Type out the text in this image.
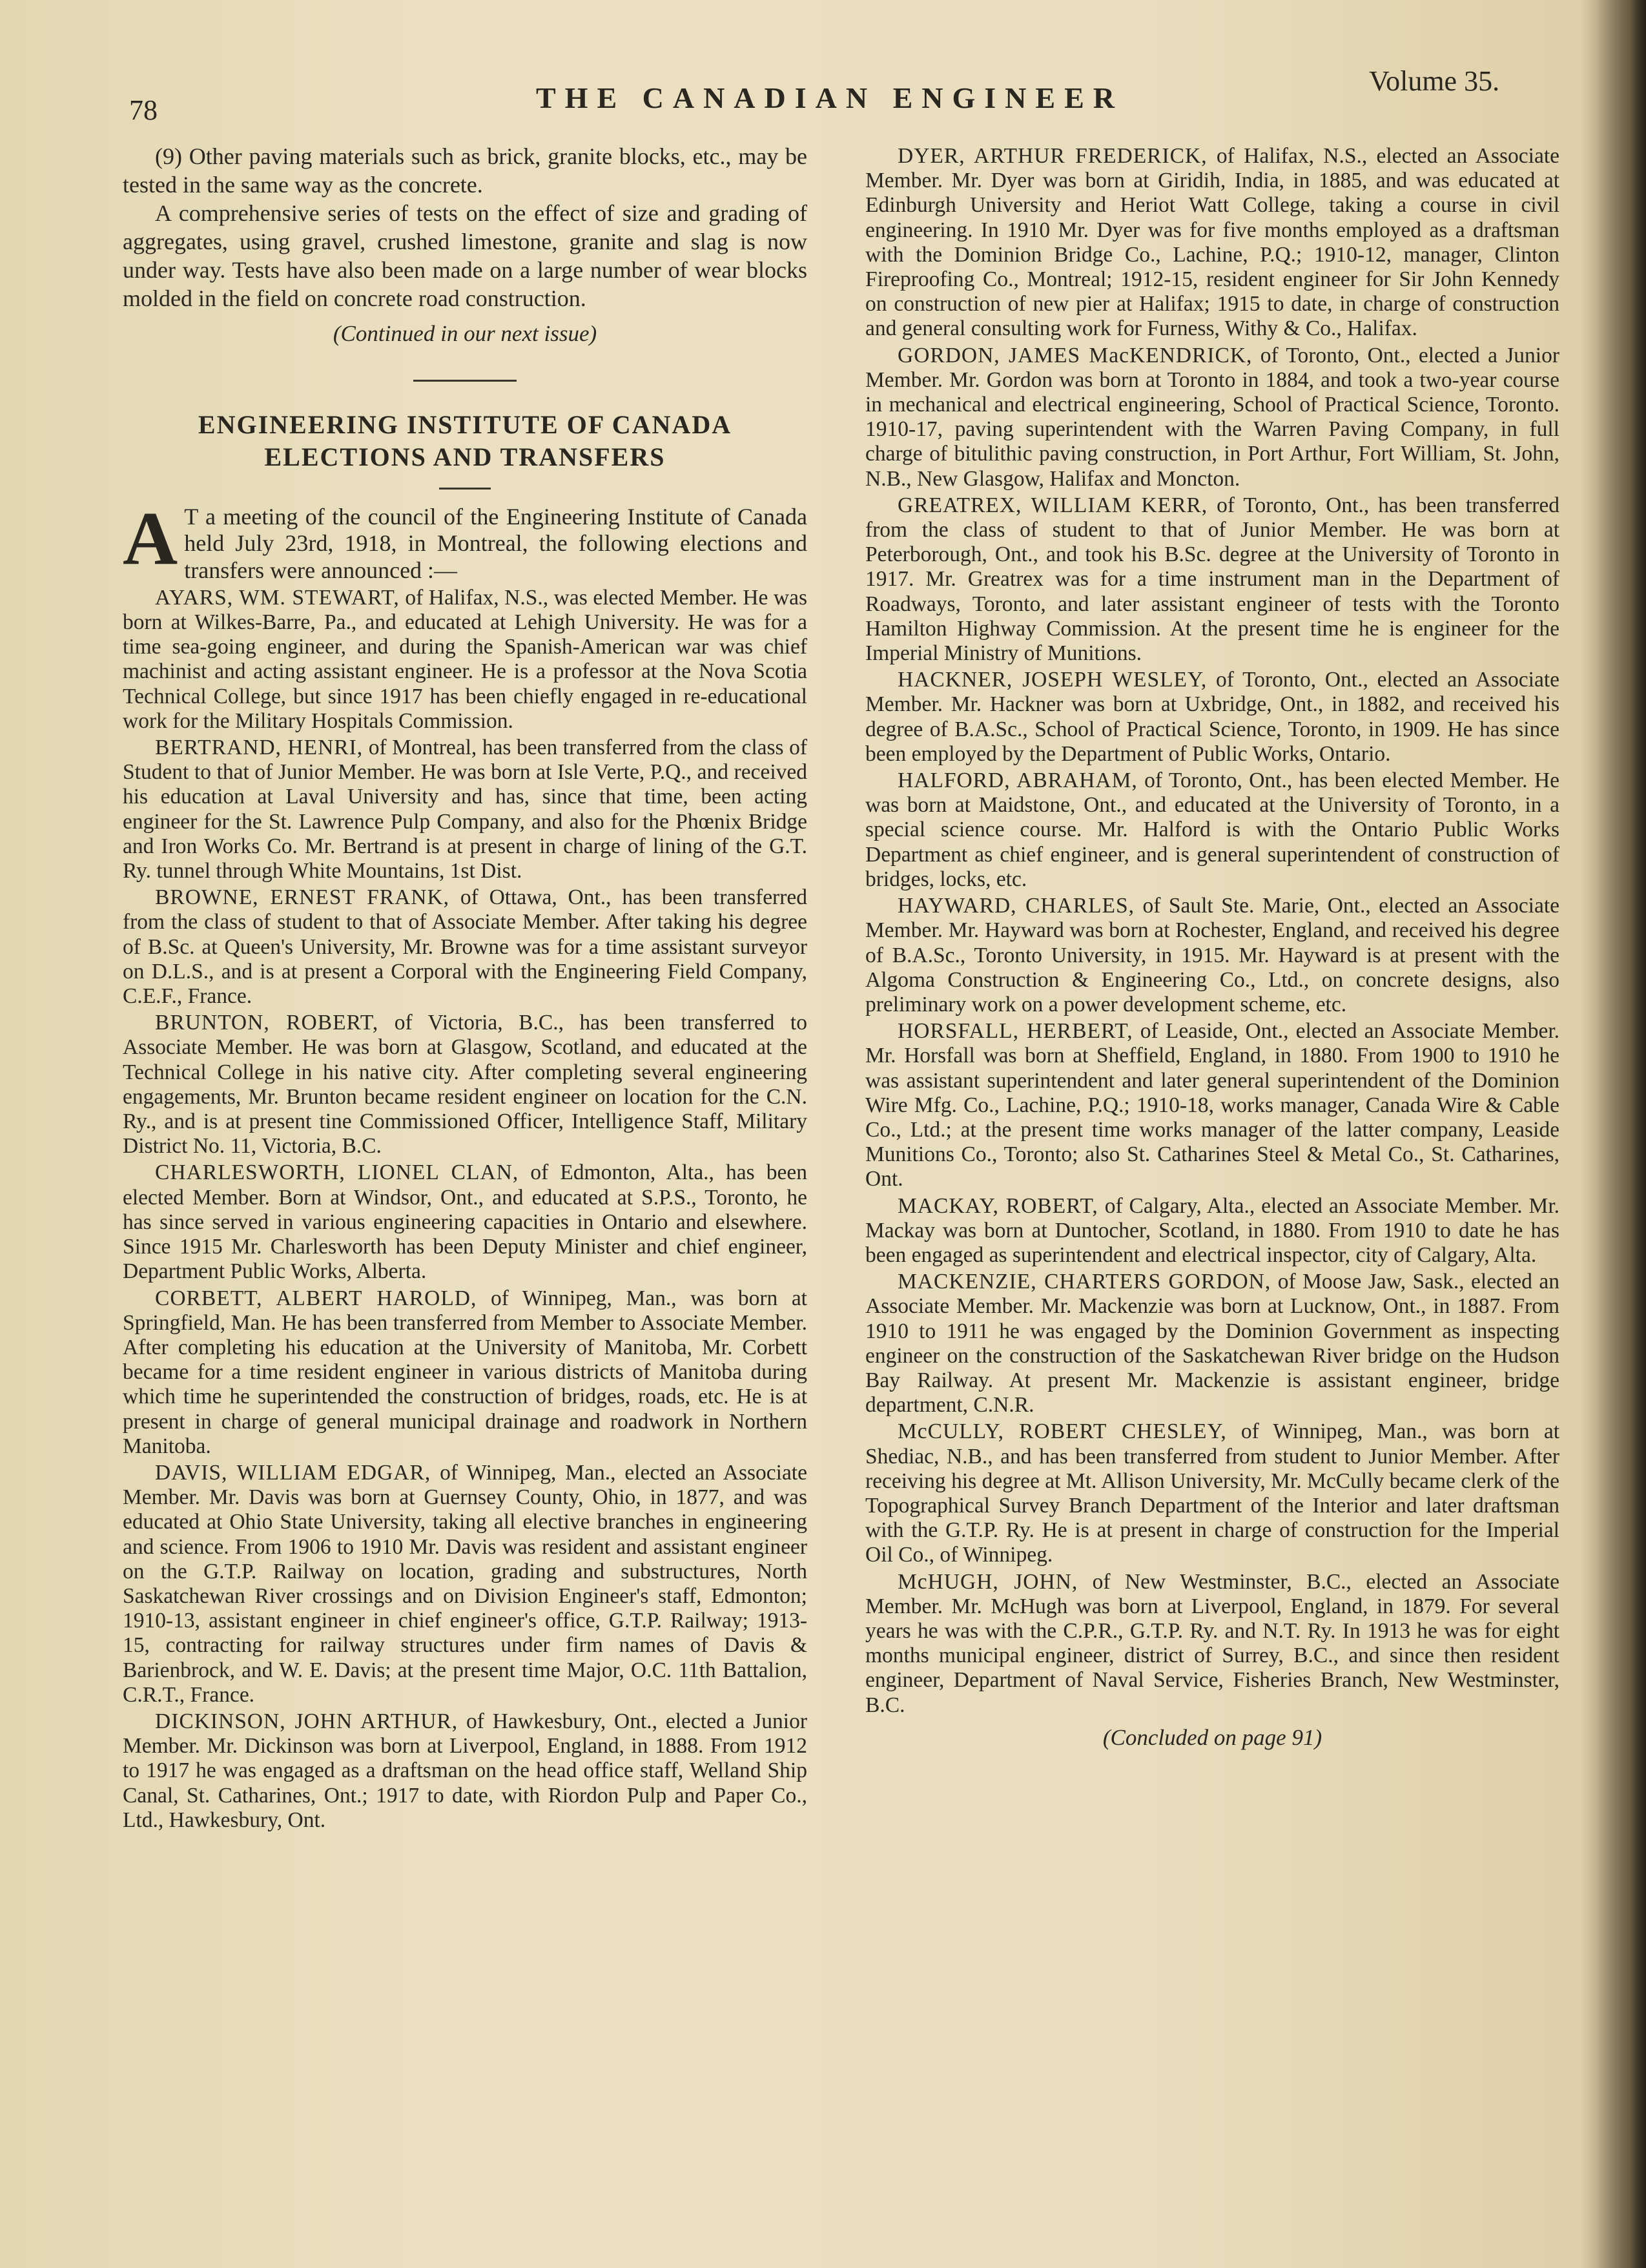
78	THE CANADIAN ENGINEER
Volume 35.

(9) Other paving materials such as brick, granite blocks, etc., may be tested in the same way as the concrete.

A comprehensive series of tests on the effect of size and grading of aggregates, using gravel, crushed limestone, granite and slag is now under way. Tests have also been made on a large number of wear blocks molded in the field on concrete road construction.

(Continued in our next issue)

ENGINEERING INSTITUTE OF CANADA

ELECTIONS AND TRANSFERS

A T a meeting of the council of the Engineering Institute of Canada held July 23rd, 1918, in Montreal, the following elections and transfers were announced :—

AYARS, WM. STEWART, of Halifax, N.S., was elected Member. He was born at Wilkes-Barre, Pa., and educated at Lehigh University. He was for a time sea-going engineer, and during the Spanish-American war was chief machinist and acting assistant engineer. He is a professor at the Nova Scotia Technical College, but since 1917 has been chiefly engaged in re-educational work for the Military Hospitals Commission.

BERTRAND, HENRI, of Montreal, has been transferred from the class of Student to that of Junior Member. He was born at Isle Verte, P.Q., and received his education at Laval University and has, since that time, been acting engineer for the St. Lawrence Pulp Company, and also for the Phœnix Bridge and Iron Works Co. Mr. Bertrand is at present in charge of lining of the G.T. Ry. tunnel through White Mountains, 1st Dist.

BROWNE, ERNEST FRANK, of Ottawa, Ont., has been transferred from the class of student to that of Associate Member. After taking his degree of B.Sc. at Queen's University, Mr. Browne was for a time assistant surveyor on D.L.S., and is at present a Corporal with the Engineering Field Company, C.E.F., France.

BRUNTON, ROBERT, of Victoria, B.C., has been transferred to Associate Member. He was born at Glasgow, Scotland, and educated at the Technical College in his native city. After completing several engineering engagements, Mr. Brunton became resident engineer on location for the C.N. Ry., and is at present tine Commissioned Officer, Intelligence Staff, Military District No. 11, Victoria, B.C.

CHARLESWORTH, LIONEL CLAN, of Edmonton, Alta., has been elected Member. Born at Windsor, Ont., and educated at S.P.S., Toronto, he has since served in various engineering capacities in Ontario and elsewhere. Since 1915 Mr. Charlesworth has been Deputy Minister and chief engineer, Department Public Works, Alberta.

CORBETT, ALBERT HAROLD, of Winnipeg, Man., was born at Springfield, Man. He has been transferred from Member to Associate Member. After completing his education at the University of Manitoba, Mr. Corbett became for a time resident engineer in various districts of Manitoba during which time he superintended the construction of bridges, roads, etc. He is at present in charge of general municipal drainage and roadwork in Northern Manitoba.

DAVIS, WILLIAM EDGAR, of Winnipeg, Man., elected an Associate Member. Mr. Davis was born at Guernsey County, Ohio, in 1877, and was educated at Ohio State University, taking all elective branches in engineering and science. From 1906 to 1910 Mr. Davis was resident and assistant engineer on the G.T.P. Railway on location, grading and substructures, North Saskatchewan River crossings and on Division Engineer's staff, Edmonton; 1910-13, assistant engineer in chief engineer's office, G.T.P. Railway; 1913-15, contracting for railway structures under firm names of Davis & Barienbrock, and W. E. Davis; at the present time Major, O.C. 11th Battalion, C.R.T., France.

DICKINSON, JOHN ARTHUR, of Hawkesbury, Ont., elected a Junior Member. Mr. Dickinson was born at Liverpool, England, in 1888. From 1912 to 1917 he was engaged as a draftsman on the head office staff, Welland Ship Canal, St. Catharines, Ont.; 1917 to date, with Riordon Pulp and Paper Co., Ltd., Hawkesbury, Ont.

DYER, ARTHUR FREDERICK, of Halifax, N.S., elected an Associate Member. Mr. Dyer was born at Giridih, India, in 1885, and was educated at Edinburgh University and Heriot Watt College, taking a course in civil engineering. In 1910 Mr. Dyer was for five months employed as a draftsman with the Dominion Bridge Co., Lachine, P.Q.; 1910-12, manager, Clinton Fireproofing Co., Montreal; 1912-15, resident engineer for Sir John Kennedy on construction of new pier at Halifax; 1915 to date, in charge of construction and general consulting work for Furness, Withy & Co., Halifax.

GORDON, JAMES MacKENDRICK, of Toronto, Ont., elected a Junior Member. Mr. Gordon was born at Toronto in 1884, and took a two-year course in mechanical and electrical engineering, School of Practical Science, Toronto. 1910-17, paving superintendent with the Warren Paving Company, in full charge of bitulithic paving construction, in Port Arthur, Fort William, St. John, N.B., New Glasgow, Halifax and Moncton.

GREATREX, WILLIAM KERR, of Toronto, Ont., has been transferred from the class of student to that of Junior Member. He was born at Peterborough, Ont., and took his B.Sc. degree at the University of Toronto in 1917. Mr. Greatrex was for a time instrument man in the Department of Roadways, Toronto, and later assistant engineer of tests with the Toronto Hamilton Highway Commission. At the present time he is engineer for the Imperial Ministry of Munitions.

HACKNER, JOSEPH WESLEY, of Toronto, Ont., elected an Associate Member. Mr. Hackner was born at Uxbridge, Ont., in 1882, and received his degree of B.A.Sc., School of Practical Science, Toronto, in 1909. He has since been employed by the Department of Public Works, Ontario.

HALFORD, ABRAHAM, of Toronto, Ont., has been elected Member. He was born at Maidstone, Ont., and educated at the University of Toronto, in a special science course. Mr. Halford is with the Ontario Public Works Department as chief engineer, and is general superintendent of construction of bridges, locks, etc.

HAYWARD, CHARLES, of Sault Ste. Marie, Ont., elected an Associate Member. Mr. Hayward was born at Rochester, England, and received his degree of B.A.Sc., Toronto University, in 1915. Mr. Hayward is at present with the Algoma Construction & Engineering Co., Ltd., on concrete designs, also preliminary work on a power development scheme, etc.

HORSFALL, HERBERT, of Leaside, Ont., elected an Associate Member. Mr. Horsfall was born at Sheffield, England, in 1880. From 1900 to 1910 he was assistant superintendent and later general superintendent of the Dominion Wire Mfg. Co., Lachine, P.Q.; 1910-18, works manager, Canada Wire & Cable Co., Ltd.; at the present time works manager of the latter company, Leaside Munitions Co., Toronto; also St. Catharines Steel & Metal Co., St. Catharines, Ont.

MACKAY, ROBERT, of Calgary, Alta., elected an Associate Member. Mr. Mackay was born at Duntocher, Scotland, in 1880. From 1910 to date he has been engaged as superintendent and electrical inspector, city of Calgary, Alta.

MACKENZIE, CHARTERS GORDON, of Moose Jaw, Sask., elected an Associate Member. Mr. Mackenzie was born at Lucknow, Ont., in 1887. From 1910 to 1911 he was engaged by the Dominion Government as inspecting engineer on the construction of the Saskatchewan River bridge on the Hudson Bay Railway. At present Mr. Mackenzie is assistant engineer, bridge department, C.N.R.

McCULLY, ROBERT CHESLEY, of Winnipeg, Man., was born at Shediac, N.B., and has been transferred from student to Junior Member. After receiving his degree at Mt. Allison University, Mr. McCully became clerk of the Topographical Survey Branch Department of the Interior and later draftsman with the G.T.P. Ry. He is at present in charge of construction for the Imperial Oil Co., of Winnipeg.

McHUGH, JOHN, of New Westminster, B.C., elected an Associate Member. Mr. McHugh was born at Liverpool, England, in 1879. For several years he was with the C.P.R., G.T.P. Ry. and N.T. Ry. In 1913 he was for eight months municipal engineer, district of Surrey, B.C., and since then resident engineer, Department of Naval Service, Fisheries Branch, New Westminster, B.C.

(Concluded on page 91)
